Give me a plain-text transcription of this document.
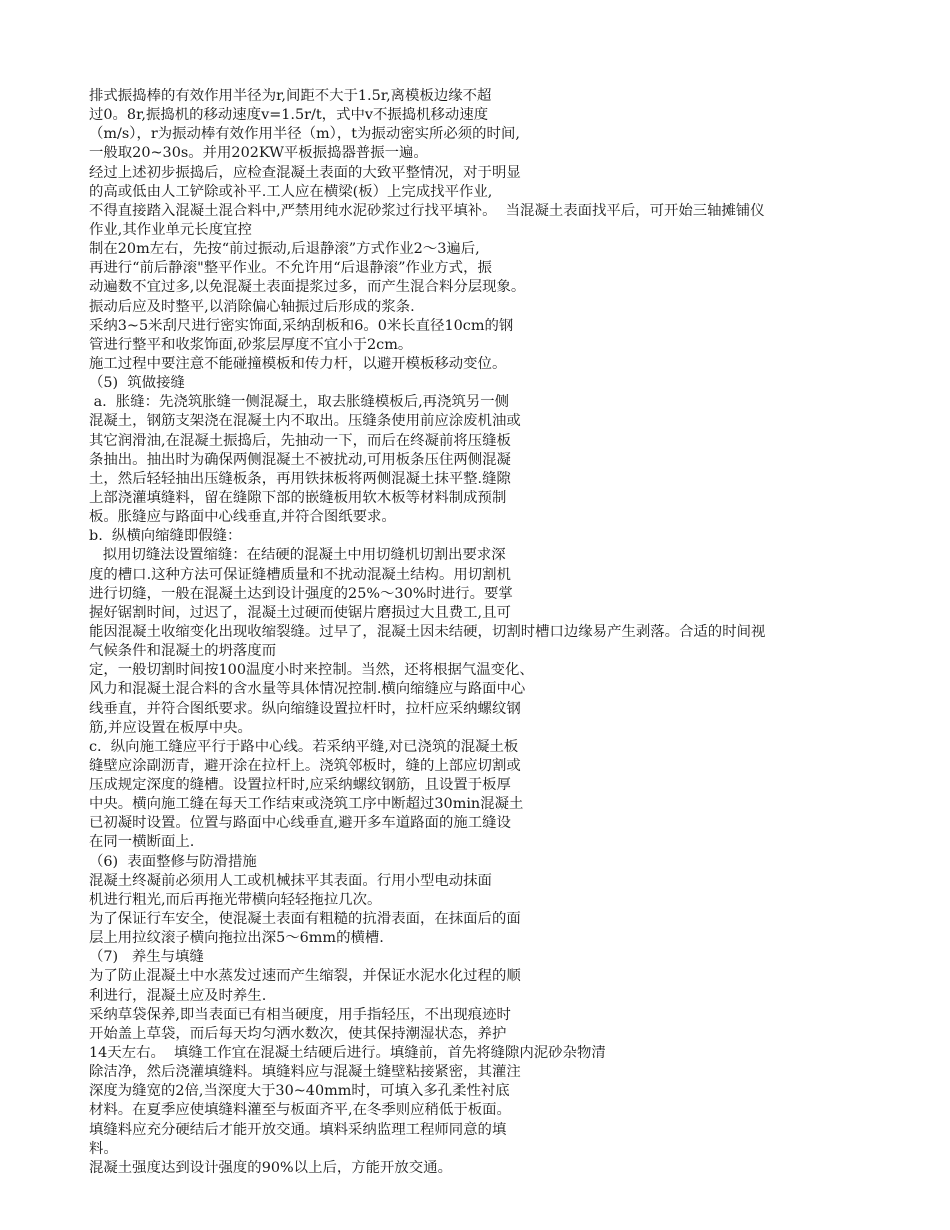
排式振捣棒的有效作用半径为r,间距不大于1.5r,离模板边缘不超
过0。8r,振捣机的移动速度v=1.5r/t，式中v不振捣机移动速度
（m/s），r为振动棒有效作用半径（m），t为振动密实所必须的时间,
一般取20~30s。并用202KW平板振捣器普振一遍。
经过上述初步振捣后，应检查混凝土表面的大致平整情况，对于明显
的高或低由人工铲除或补平.工人应在横梁(板）上完成找平作业,
不得直接踏入混凝土混合料中,严禁用纯水泥砂浆过行找平填补。  当混凝土表面找平后，可开始三轴摊铺仪
作业,其作业单元长度宜控
制在20m左右，先按“前过振动,后退静滚”方式作业2～3遍后,
再进行“前后静滚"整平作业。不允许用“后退静滚”作业方式，振
动遍数不宜过多,以免混凝土表面提浆过多，而产生混合料分层现象。
振动后应及时整平,以消除偏心轴振过后形成的浆条.
采纳3~5米刮尺进行密实饰面,采纳刮板和6。0米长直径10cm的钢
管进行整平和收浆饰面,砂浆层厚度不宜小于2cm。
施工过程中要注意不能碰撞模板和传力杆，以避开模板移动变位。
（5)  筑做接缝
a.  胀缝：先浇筑胀缝一侧混凝土，取去胀缝模板后,再浇筑另一侧
混凝土，钢筋支架浇在混凝土内不取出。压缝条使用前应涂废机油或
其它润滑油,在混凝土振捣后，先抽动一下，而后在终凝前将压缝板
条抽出。抽出时为确保两侧混凝土不被扰动,可用板条压住两侧混凝
土，然后轻轻抽出压缝板条，再用铁抹板将两侧混凝土抹平整.缝隙
上部浇灌填缝料，留在缝隙下部的嵌缝板用软木板等材料制成预制
板。胀缝应与路面中心线垂直,并符合图纸要求。
b.  纵横向缩缝即假缝：
拟用切缝法设置缩缝：在结硬的混凝土中用切缝机切割出要求深
度的槽口.这种方法可保证缝槽质量和不扰动混凝土结构。用切割机
进行切缝，一般在混凝土达到设计强度的25%～30%时进行。要掌
握好锯割时间，过迟了，混凝土过硬而使锯片磨损过大且费工,且可
能因混凝土收缩变化出现收缩裂缝。过早了，混凝土因未结硬，切割时槽口边缘易产生剥落。合适的时间视
气候条件和混凝土的坍落度而
定，一般切割时间按100温度小时来控制。当然，还将根据气温变化、
风力和混凝土混合料的含水量等具体情况控制.横向缩缝应与路面中心
线垂直，并符合图纸要求。纵向缩缝设置拉杆时，拉杆应采纳螺纹钢
筋,并应设置在板厚中央。
c.  纵向施工缝应平行于路中心线。若采纳平缝,对已浇筑的混凝土板
缝壁应涂副沥青，避开涂在拉杆上。浇筑邻板时，缝的上部应切割或
压成规定深度的缝槽。设置拉杆时,应采纳螺纹钢筋，且设置于板厚
中央。横向施工缝在每天工作结束或浇筑工序中断超过30min混凝土
已初凝时设置。位置与路面中心线垂直,避开多车道路面的施工缝设
在同一横断面上.
（6)  表面整修与防滑措施
混凝土终凝前必须用人工或机械抹平其表面。行用小型电动抹面
机进行粗光,而后再拖光带横向轻轻拖拉几次。
为了保证行车安全，使混凝土表面有粗糙的抗滑表面，在抹面后的面
层上用拉纹滚子横向拖拉出深5～6mm的横槽.
（7)   养生与填缝
为了防止混凝土中水蒸发过速而产生缩裂，并保证水泥水化过程的顺
利进行，混凝土应及时养生.
采纳草袋保养,即当表面已有相当硬度，用手指轻压，不出现痕迹时
开始盖上草袋，而后每天均匀洒水数次，使其保持潮湿状态，养护
14天左右。  填缝工作宜在混凝土结硬后进行。填缝前，首先将缝隙内泥砂杂物清
除洁净，然后浇灌填缝料。填缝料应与混凝土缝壁粘接紧密，其灌注
深度为缝宽的2倍,当深度大于30~40mm时，可填入多孔柔性衬底
材料。在夏季应使填缝料灌至与板面齐平,在冬季则应稍低于板面。
填缝料应充分硬结后才能开放交通。填料采纳监理工程师同意的填
料。
混凝土强度达到设计强度的90%以上后，方能开放交通。
